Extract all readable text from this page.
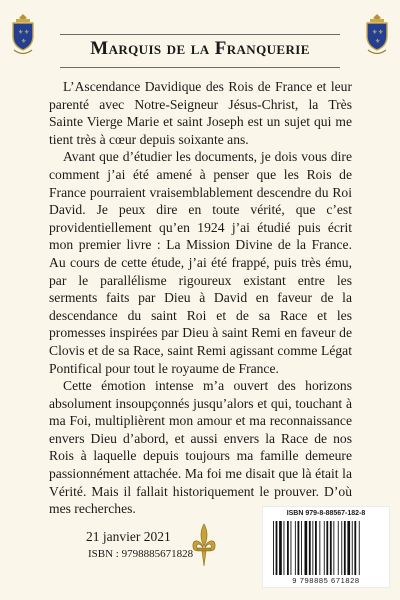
⚜ ⚜
⚜
⚜ ⚜
⚜
Marquis de la Franquerie

L’Ascendance Davidique des Rois de France et leur parenté avec Notre-Seigneur Jésus-Christ, la Très Sainte Vierge Marie et saint Joseph est un sujet qui me tient très à cœur depuis soixante ans.

Avant que d’étudier les documents, je dois vous dire comment j’ai été amené à penser que les Rois de France pourraient vraisemblablement descendre du Roi David. Je peux dire en toute vérité, que c’est providentiellement qu’en 1924 j’ai étudié puis écrit mon premier livre : La Mission Divine de la France. Au cours de cette étude, j’ai été frappé, puis très ému, par le parallélisme rigoureux existant entre les serments faits par Dieu à David en faveur de la descendance du saint Roi et de sa Race et les promesses inspirées par Dieu à saint Remi en faveur de Clovis et de sa Race, saint Remi agissant comme Légat Pontifical pour tout le royaume de France.

Cette émotion intense m’a ouvert des horizons absolument insoupçonnés jusqu’alors et qui, touchant à ma Foi, multiplièrent mon amour et ma reconnaissance envers Dieu d’abord, et aussi envers la Race de nos Rois à laquelle depuis toujours ma famille demeure passionnément attachée. Ma foi me disait que là était la Vérité. Mais il fallait historiquement le prouver. D’où mes recherches.

21 janvier 2021
ISBN : 9798885671828
ISBN 979-8-88567-182-8
9 798885 671828
